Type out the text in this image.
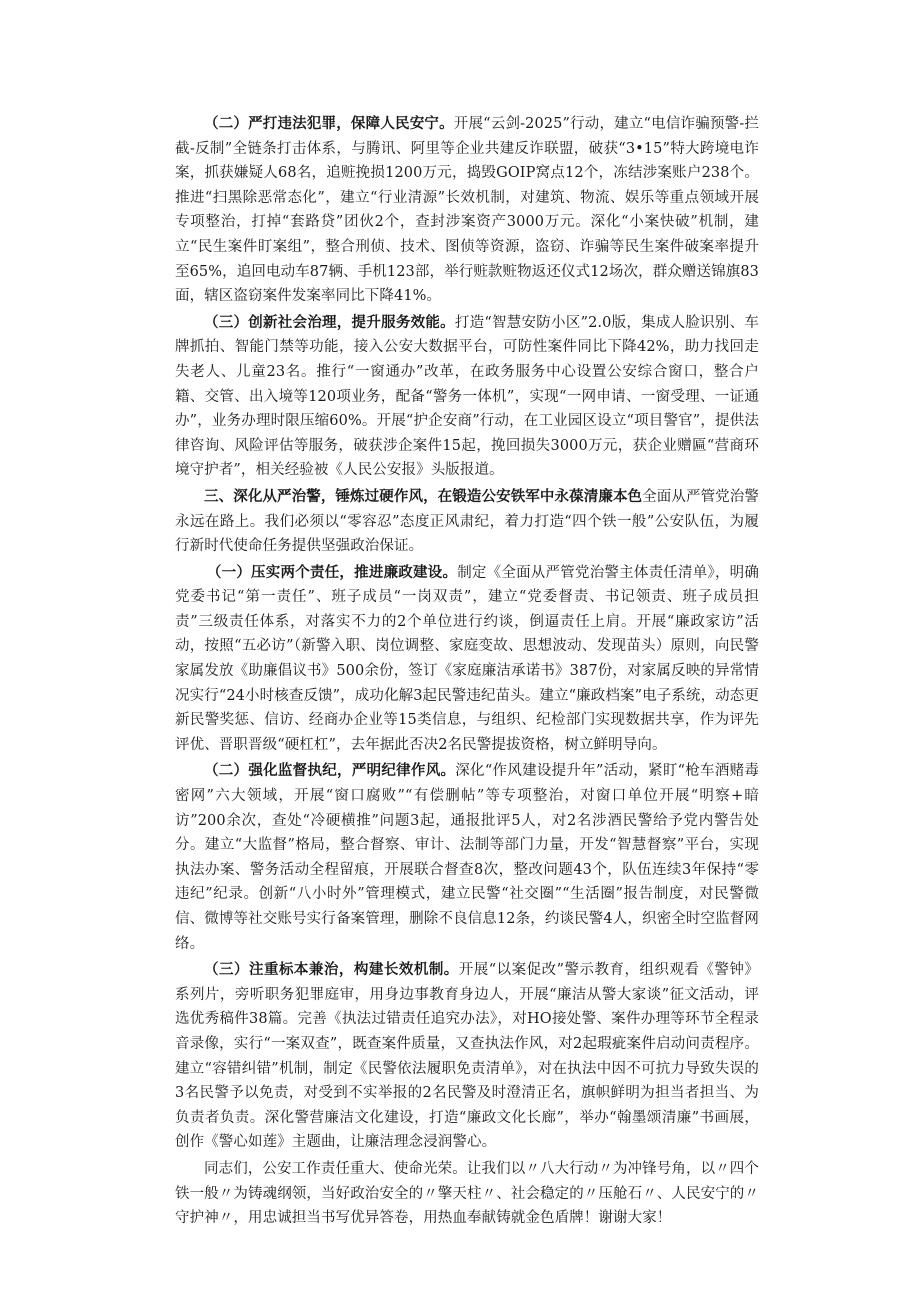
（二）严打违法犯罪，保障人民安宁。开展“云剑-2025”行动，建立“电信诈骗预警-拦截-反制”全链条打击体系，与腾讯、阿里等企业共建反诈联盟，破获“3•15”特大跨境电诈案，抓获嫌疑人68名，追赃挽损1200万元，捣毁GOIP窝点12个，冻结涉案账户238个。推进“扫黑除恶常态化”，建立“行业清源”长效机制，对建筑、物流、娱乐等重点领域开展专项整治，打掉“套路贷”团伙2个，查封涉案资产3000万元。深化“小案快破”机制，建立“民生案件盯案组”，整合刑侦、技术、图侦等资源，盗窃、诈骗等民生案件破案率提升至65%，追回电动车87辆、手机123部，举行赃款赃物返还仪式12场次，群众赠送锦旗83面，辖区盗窃案件发案率同比下降41%。

（三）创新社会治理，提升服务效能。打造“智慧安防小区”2.0版，集成人脸识别、车牌抓拍、智能门禁等功能，接入公安大数据平台，可防性案件同比下降42%，助力找回走失老人、儿童23名。推行“一窗通办”改革，在政务服务中心设置公安综合窗口，整合户籍、交管、出入境等120项业务，配备“警务一体机”，实现“一网申请、一窗受理、一证通办”，业务办理时限压缩60%。开展“护企安商”行动，在工业园区设立“项目警官”，提供法律咨询、风险评估等服务，破获涉企案件15起，挽回损失3000万元，获企业赠匾“营商环境守护者”，相关经验被《人民公安报》头版报道。

三、深化从严治警，锤炼过硬作风，在锻造公安铁军中永葆清廉本色全面从严管党治警永远在路上。我们必须以“零容忍”态度正风肃纪，着力打造“四个铁一般”公安队伍，为履行新时代使命任务提供坚强政治保证。

（一）压实两个责任，推进廉政建设。制定《全面从严管党治警主体责任清单》，明确党委书记“第一责任”、班子成员“一岗双责”，建立“党委督责、书记领责、班子成员担责”三级责任体系，对落实不力的2个单位进行约谈，倒逼责任上肩。开展“廉政家访”活动，按照“五必访”（新警入职、岗位调整、家庭变故、思想波动、发现苗头）原则，向民警家属发放《助廉倡议书》500余份，签订《家庭廉洁承诺书》387份，对家属反映的异常情况实行“24小时核查反馈”，成功化解3起民警违纪苗头。建立“廉政档案”电子系统，动态更新民警奖惩、信访、经商办企业等15类信息，与组织、纪检部门实现数据共享，作为评先评优、晋职晋级“硬杠杠”，去年据此否决2名民警提拔资格，树立鲜明导向。

（二）强化监督执纪，严明纪律作风。深化“作风建设提升年”活动，紧盯“枪车酒赌毒密网”六大领域，开展“窗口腐败”“有偿删帖”等专项整治，对窗口单位开展“明察+暗访”200余次，查处“冷硬横推”问题3起，通报批评5人，对2名涉酒民警给予党内警告处分。建立“大监督”格局，整合督察、审计、法制等部门力量，开发“智慧督察”平台，实现执法办案、警务活动全程留痕，开展联合督查8次，整改问题43个，队伍连续3年保持“零违纪”纪录。创新“八小时外”管理模式，建立民警“社交圈”“生活圈”报告制度，对民警微信、微博等社交账号实行备案管理，删除不良信息12条，约谈民警4人，织密全时空监督网络。

（三）注重标本兼治，构建长效机制。开展“以案促改”警示教育，组织观看《警钟》系列片，旁听职务犯罪庭审，用身边事教育身边人，开展“廉洁从警大家谈”征文活动，评选优秀稿件38篇。完善《执法过错责任追究办法》，对HO接处警、案件办理等环节全程录音录像，实行“一案双查”，既查案件质量，又查执法作风，对2起瑕疵案件启动问责程序。建立“容错纠错”机制，制定《民警依法履职免责清单》，对在执法中因不可抗力导致失误的3名民警予以免责，对受到不实举报的2名民警及时澄清正名，旗帜鲜明为担当者担当、为负责者负责。深化警营廉洁文化建设，打造“廉政文化长廊”，举办“翰墨颂清廉”书画展，创作《警心如莲》主题曲，让廉洁理念浸润警心。

同志们，公安工作责任重大、使命光荣。让我们以〃八大行动〃为冲锋号角，以〃四个铁一般〃为铸魂纲领，当好政治安全的〃擎天柱〃、社会稳定的〃压舱石〃、人民安宁的〃守护神〃，用忠诚担当书写优异答卷，用热血奉献铸就金色盾牌！谢谢大家！
